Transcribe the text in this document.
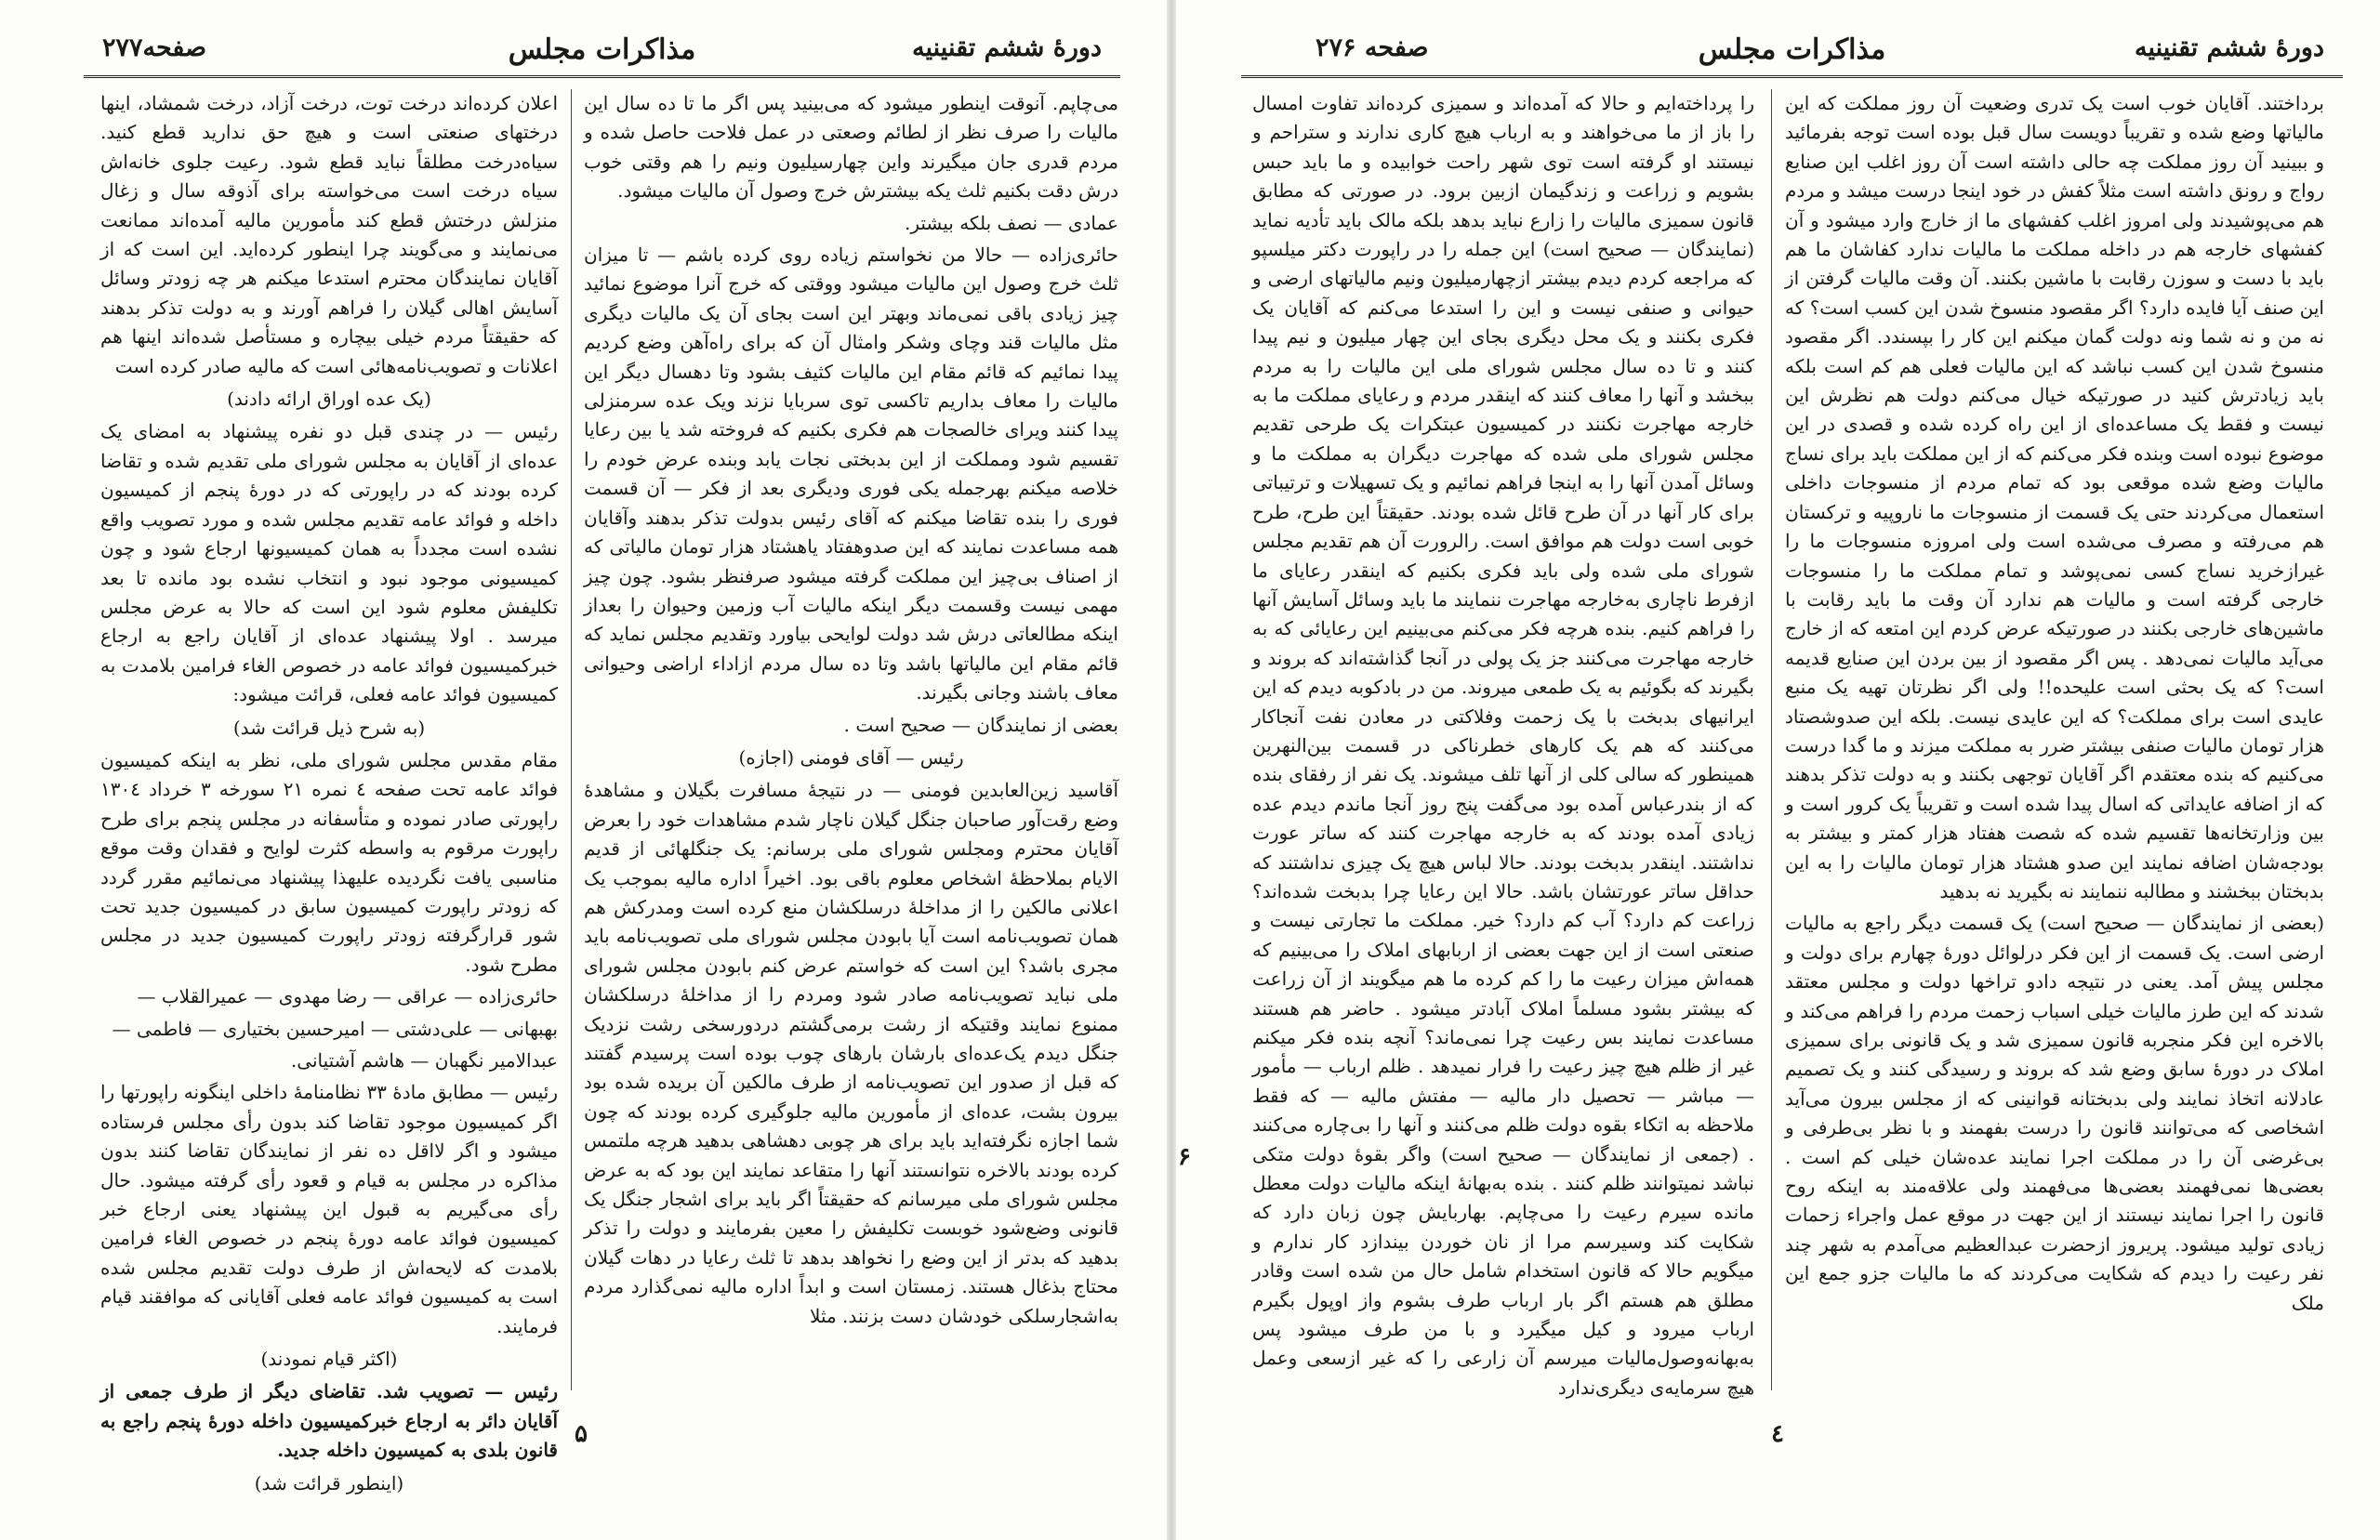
دورهٔ ششم تقنینیه
مذاکرات مجلس
صفحه۲۷۷

می‌چاپم. آنوقت اینطور میشود که می‌بینید پس اگر ما تا ده سال این مالیات را صرف نظر از لطائم وصعتی در عمل فلاحت حاصل شده و مردم قدری جان میگیرند واین چهارسیلیون ونیم را هم وقتی خوب درش دقت بکنیم ثلث یکه بیشترش خرج وصول آن مالیات میشود.

عمادی — نصف بلکه بیشتر.

حائری‌زاده — حالا من نخواستم زیاده روی کرده باشم — تا میزان ثلث خرج وصول این مالیات میشود ووقتی که خرج آنرا موضوع نمائید چیز زیادی باقی نمی‌ماند وبهتر این است بجای آن یک مالیات دیگری مثل مالیات قند وچای وشکر وامثال آن که برای راه‌آهن وضع کردیم پیدا نمائیم که قائم مقام این مالیات کثیف بشود وتا دهسال دیگر این مالیات را معاف بداریم تاکسی توی سربایا نزند ویک عده سرمنزلی پیدا کنند ویرای خالصجات هم فکری بکنیم که فروخته شد یا بین رعایا تقسیم شود ومملکت از این بدبختی نجات یابد وبنده عرض خودم را خلاصه میکنم بهرجمله یکی فوری ودیگری بعد از فکر — آن قسمت فوری را بنده تقاضا میکنم که آقای رئیس بدولت تذکر بدهند وآقایان همه مساعدت نمایند که این صدوهفتاد یاهشتاد هزار تومان مالیاتی که از اصناف بی‌چیز این مملکت گرفته میشود صرفنظر بشود. چون چیز مهمی نیست وقسمت دیگر اینکه مالیات آب وزمین وحیوان را بعداز اینکه مطالعاتی درش شد دولت لوایحی بیاورد وتقدیم مجلس نماید که قائم مقام این مالیاتها باشد وتا ده سال مردم ازاداء اراضی وحیوانی معاف باشند وجانی بگیرند.

بعضی از نمایندگان — صحیح است .

رئیس — آقای فومنی (اجازه)

آقاسید زین‌العابدین فومنی — در نتیجهٔ مسافرت بگیلان و مشاهدهٔ وضع رقت‌آور صاحبان جنگل گیلان ناچار شدم مشاهدات خود را بعرض آقایان محترم ومجلس شورای ملی برسانم: یک جنگلهائی از قدیم الایام بملاحظهٔ اشخاص معلوم باقی بود. اخیراً اداره مالیه بموجب یک اعلانی مالکین را از مداخلهٔ درسلکشان منع کرده است ومدرکش هم همان تصویب‌نامه است آیا بابودن مجلس شورای ملی تصویب‌نامه باید مجری باشد؟ این است که خواستم عرض کنم بابودن مجلس شورای ملی نباید تصویب‌نامه صادر شود ومردم را از مداخلهٔ درسلکشان ممنوع نمایند وقتیکه از رشت برمی‌گشتم دردورسخی رشت نزدیک جنگل دیدم یک‌عده‌ای بارشان بارهای چوب بوده است پرسیدم گفتند که قبل از صدور این تصویب‌نامه از طرف مالکین آن بریده شده بود بیرون بشت، عده‌ای از مأمورین مالیه جلوگیری کرده بودند که چون شما اجازه نگرفته‌اید باید برای هر چوبی دهشاهی بدهید هرچه ملتمس کرده بودند بالاخره نتوانستند آنها را متقاعد نمایند این بود که به عرض مجلس شورای ملی میرسانم که حقیقتاً اگر باید برای اشجار جنگل یک قانونی وضع‌شود خوبست تکلیفش را معین بفرمایند و دولت را تذکر بدهید که بدتر از این وضع را نخواهد بدهد تا ثلث رعایا در دهات گیلان محتاج بذغال هستند. زمستان است و ابداً اداره مالیه نمی‌گذارد مردم به‌اشجارسلکی خودشان دست بزنند. مثلا

اعلان کرده‌اند درخت توت، درخت آزاد، درخت شمشاد، اینها درختهای صنعتی است و هیچ حق ندارید قطع کنید. سیاه‌درخت مطلقاً نباید قطع شود. رعیت جلوی خانه‌اش سیاه درخت است می‌خواسته برای آذوقه سال و زغال منزلش درختش قطع کند مأمورین مالیه آمده‌اند ممانعت می‌نمایند و می‌گویند چرا اینطور کرده‌اید. این است که از آقایان نمایندگان محترم استدعا میکنم هر چه زودتر وسائل آسایش اهالی گیلان را فراهم آورند و به دولت تذکر بدهند که حقیقتاً مردم خیلی بیچاره و مستأصل شده‌اند اینها هم اعلانات و تصویب‌نامه‌هائی است که مالیه صادر کرده است

(یک عده اوراق ارائه دادند)

رئیس — در چندی قبل دو نفره پیشنهاد به امضای یک عده‌ای از آقایان به مجلس شورای ملی تقدیم شده و تقاضا کرده بودند که در راپورتی که در دورهٔ پنجم از کمیسیون داخله و فوائد عامه تقدیم مجلس شده و مورد تصویب واقع نشده است مجدداً به همان کمیسیونها ارجاع شود و چون کمیسیونی موجود نبود و انتخاب نشده بود مانده تا بعد تکلیفش معلوم شود این است که حالا به عرض مجلس میرسد . اولا پیشنهاد عده‌ای از آقایان راجع به ارجاع خبرکمیسیون فوائد عامه در خصوص الغاء فرامین بلامدت به کمیسیون فوائد عامه فعلی، قرائت میشود:

(به شرح ذیل قرائت شد)

مقام مقدس مجلس شورای ملی، نظر به اینکه کمیسیون فوائد عامه تحت صفحه ٤ نمره ۲۱ سورخه ۳ خرداد ۱۳۰٤ راپورتی صادر نموده و متأسفانه در مجلس پنجم برای طرح راپورت مرقوم به واسطه کثرت لوایح و فقدان وقت موقع مناسبی یافت نگردیده علیهذا پیشنهاد می‌نمائیم مقرر گردد که زودتر راپورت کمیسیون سابق در کمیسیون جدید تحت شور قرارگرفته زودتر راپورت کمیسیون جدید در مجلس مطرح شود.

حائری‌زاده — عراقی — رضا مهدوی — عمیرالقلاب —

بهبهانی — علی‌دشتی — امیرحسین بختیاری — فاطمی —

عبدالامیر نگهبان — هاشم آشتیانی.

رئیس — مطابق مادهٔ ۳۳ نظامنامهٔ داخلی اینگونه راپورتها را اگر کمیسیون موجود تقاضا کند بدون رأی مجلس فرستاده میشود و اگر لااقل ده نفر از نمایندگان تقاضا کنند بدون مذاکره در مجلس به قیام و قعود رأی گرفته میشود. حال رأی می‌گیریم به قبول این پیشنهاد یعنی ارجاع خبر کمیسیون فوائد عامه دورهٔ پنجم در خصوص الغاء فرامین بلامدت که لایحه‌اش از طرف دولت تقدیم مجلس شده است به کمیسیون فوائد عامه فعلی آقایانی که موافقند قیام فرمایند.

(اکثر قیام نمودند)

رئیس — تصویب شد. تقاضای دیگر از طرف جمعی از آقایان دائر به ارجاع خبرکمیسیون داخله دورهٔ پنجم راجع به قانون بلدی به کمیسیون داخله جدید.

(اینطور قرائت شد)

۵
دورهٔ ششم تقنینیه
مذاکرات مجلس
صفحه ۲۷۶
۶

برداختند. آقایان خوب است یک تدری وضعیت آن روز مملکت که این مالیاتها وضع شده و تقریباً دویست سال قبل بوده است توجه بفرمائید و ببینید آن روز مملکت چه حالی داشته است آن روز اغلب این صنایع رواج و رونق داشته است مثلاً کفش در خود اینجا درست میشد و مردم هم می‌پوشیدند ولی امروز اغلب کفشهای ما از خارج وارد میشود و آن کفشهای خارجه هم در داخله مملکت ما مالیات ندارد کفاشان ما هم باید با دست و سوزن رقابت با ماشین بکنند. آن وقت مالیات گرفتن از این صنف آیا فایده دارد؟ اگر مقصود منسوخ شدن این کسب است؟ که نه من و نه شما ونه دولت گمان میکنم این کار را بپسندد. اگر مقصود منسوخ شدن این کسب نباشد که این مالیات فعلی هم کم است بلکه باید زیادترش کنید در صورتیکه خیال می‌کنم دولت هم نظرش این نیست و فقط یک مساعده‌ای از این راه کرده شده و قصدی در این موضوع نبوده است وبنده فکر می‌کنم که از این مملکت باید برای نساج مالیات وضع شده موقعی بود که تمام مردم از منسوجات داخلی استعمال می‌کردند حتی یک قسمت از منسوجات ما ناروپیه و ترکستان هم می‌رفته و مصرف می‌شده است ولی امروزه منسوجات ما را غیرازخرید نساج کسی نمی‌پوشد و تمام مملکت ما را منسوجات خارجی گرفته است و مالیات هم ندارد آن وقت ما باید رقابت با ماشین‌های خارجی بکنند در صورتیکه عرض کردم این امتعه که از خارج می‌آید مالیات نمی‌دهد . پس اگر مقصود از بین بردن این صنایع قدیمه است؟ که یک بحثی است علیحده!! ولی اگر نظرتان تهیه یک منبع عایدی است برای مملکت؟ که این عایدی نیست. بلکه این صدوشصتاد هزار تومان مالیات صنفی بیشتر ضرر به مملکت میزند و ما گدا درست می‌کنیم که بنده معتقدم اگر آقایان توجهی بکنند و به دولت تذکر بدهند که از اضافه عایداتی که اسال پیدا شده است و تقریباً یک کرور است و بین وزارتخانه‌ها تقسیم شده که شصت هفتاد هزار کمتر و بیشتر به بودجه‌شان اضافه نمایند این صدو هشتاد هزار تومان مالیات را به این بدبختان ببخشند و مطالبه ننمایند نه بگیرید نه بدهید

(بعضی از نمایندگان — صحیح است) یک قسمت دیگر راجع به مالیات ارضی است. یک قسمت از این فکر درلوائل دورهٔ چهارم برای دولت و مجلس پیش آمد. یعنی در نتیجه دادو تراخها دولت و مجلس معتقد شدند که این طرز مالیات خیلی اسباب زحمت مردم را فراهم می‌کند و بالاخره این فکر منجربه قانون سمیزی شد و یک قانونی برای سمیزی املاک در دورهٔ سابق وضع شد که بروند و رسیدگی کنند و یک تصمیم عادلانه اتخاذ نمایند ولی بدبختانه قوانینی که از مجلس بیرون می‌آید اشخاصی که می‌توانند قانون را درست بفهمند و با نظر بی‌طرفی و بی‌غرضی آن را در مملکت اجرا نمایند عده‌شان خیلی کم است . بعضی‌ها نمی‌فهمند بعضی‌ها می‌فهمند ولی علاقه‌مند به اینکه روح قانون را اجرا نمایند نیستند از این جهت در موقع عمل واجراء زحمات زیادی تولید میشود. پریروز ازحضرت عبدالعظیم می‌آمدم به شهر چند نفر رعیت را دیدم که شکایت می‌کردند که ما مالیات جزو جمع این ملک

را پرداخته‌ایم و حالا که آمده‌اند و سمیزی کرده‌اند تفاوت امسال را باز از ما می‌خواهند و به ارباب هیچ کاری ندارند و ستراحم و نیستند او گرفته است توی شهر راحت خوابیده و ما باید حبس بشویم و زراعت و زندگیمان ازبین برود. در صورتی که مطابق قانون سمیزی مالیات را زارع نباید بدهد بلکه مالک باید تأدیه نماید (نمایندگان — صحیح است) این جمله را در راپورت دکتر میلسپو که مراجعه کردم دیدم بیشتر ازچهارمیلیون ونیم مالیاتهای ارضی و حیوانی و صنفی نیست و این را استدعا می‌کنم که آقایان یک فکری بکنند و یک محل دیگری بجای این چهار میلیون و نیم پیدا کنند و تا ده سال مجلس شورای ملی این مالیات را به مردم ببخشد و آنها را معاف کنند که اینقدر مردم و رعایای مملکت ما به خارجه مهاجرت نکنند در کمیسیون عبتکرات یک طرحی تقدیم مجلس شورای ملی شده که مهاجرت دیگران به مملکت ما و وسائل آمدن آنها را به اینجا فراهم نمائیم و یک تسهیلات و ترتیباتی برای کار آنها در آن طرح قائل شده بودند. حقیقتاً این طرح، طرح خوبی است دولت هم موافق است. رالرورت آن هم تقدیم مجلس شورای ملی شده ولی باید فکری بکنیم که اینقدر رعایای ما ازفرط ناچاری به‌خارجه مهاجرت ننمایند ما باید وسائل آسایش آنها را فراهم کنیم. بنده هرچه فکر می‌کنم می‌بینیم این رعایائی که به خارجه مهاجرت می‌کنند جز یک پولی در آنجا گذاشته‌اند که بروند و بگیرند که بگوئیم به یک طمعی میروند. من در بادکوبه دیدم که این ایرانیهای بدبخت با یک زحمت وفلاکتی در معادن نفت آنجاکار می‌کنند که هم یک کارهای خطرناکی در قسمت بین‌النهرین همینطور که سالی کلی از آنها تلف میشوند. یک نفر از رفقای بنده که از بندرعباس آمده بود می‌گفت پنج روز آنجا ماندم دیدم عده زیادی آمده بودند که به خارجه مهاجرت کنند که ساتر عورت نداشتند. اینقدر بدبخت بودند. حالا لباس هیچ یک چیزی نداشتند که حداقل ساتر عورتشان باشد. حالا این رعایا چرا بدبخت شده‌اند؟ زراعت کم دارد؟ آب کم دارد؟ خیر. مملکت ما تجارتی نیست و صنعتی است از این جهت بعضی از اربابهای املاک را می‌بینیم که همه‌اش میزان رعیت ما را کم کرده ما هم میگویند از آن زراعت که بیشتر بشود مسلماً املاک آبادتر میشود . حاضر هم هستند مساعدت نمایند بس رعیت چرا نمی‌ماند؟ آنچه بنده فکر میکنم غیر از ظلم هیچ چیز رعیت را فرار نمیدهد . ظلم ارباب — مأمور — مباشر — تحصیل دار مالیه — مفتش مالیه — که فقط ملاحظه به اتکاء بقوه دولت ظلم می‌کنند و آنها را بی‌چاره می‌کنند . (جمعی از نمایندگان — صحیح است) واگر بقوهٔ دولت متکی نباشد نمیتوانند ظلم کنند . بنده به‌بهانهٔ اینکه مالیات دولت معطل مانده سیرم رعیت را می‌چاپم. بهاربایش چون زبان دارد که شکایت کند وسیرسم مرا از نان خوردن بیندازد کار ندارم و میگویم حالا که قانون استخدام شامل حال من شده است وقادر مطلق هم هستم اگر بار ارباب طرف بشوم واز اوپول بگیرم ارباب میرود و کیل میگیرد و با من طرف میشود پس به‌بهانه‌وصول‌مالیات میرسم آن زارعی را که غیر ازسعی وعمل هیچ سرمایه‌ی دیگری‌ندارد

٤
